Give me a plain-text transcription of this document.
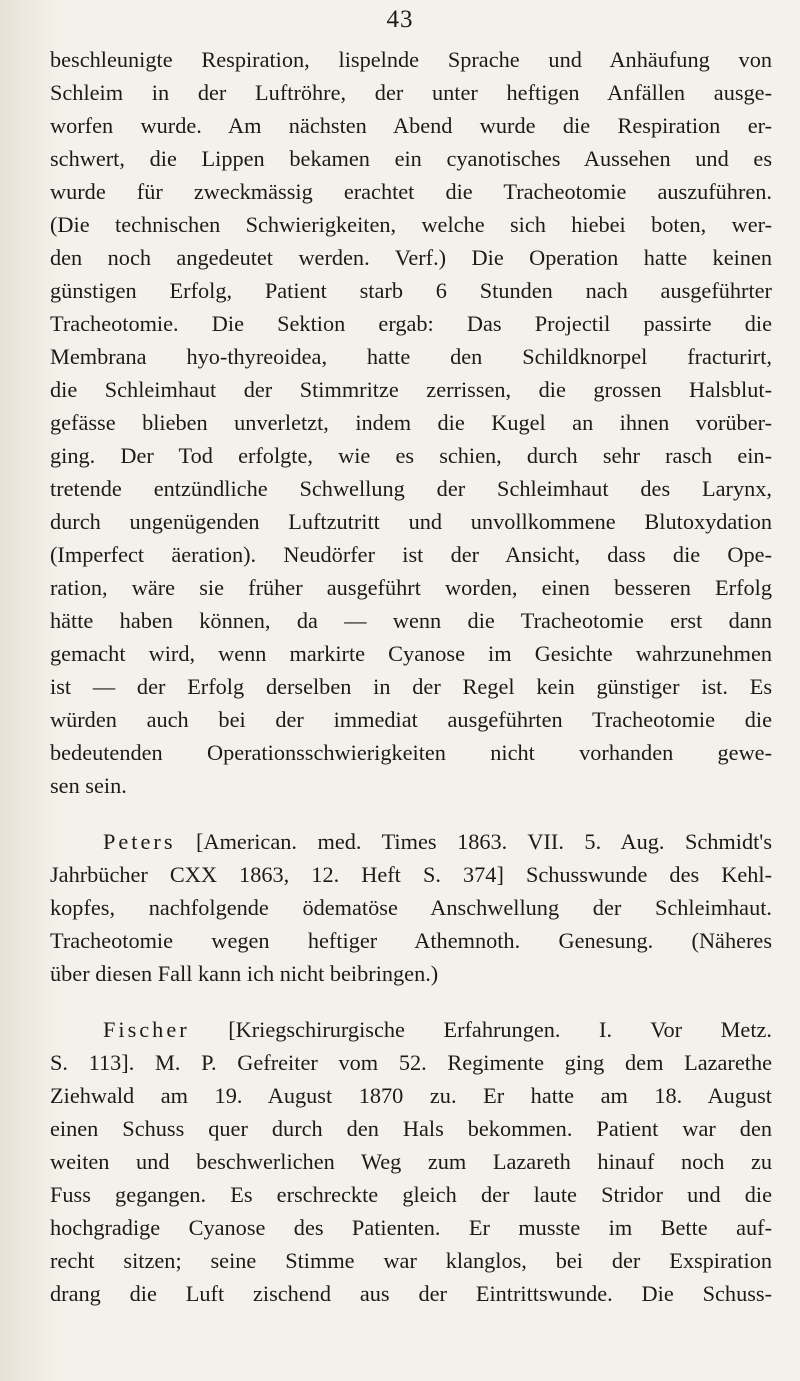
43
beschleunigte Respiration, lispelnde Sprache und Anhäufung von
Schleim in der Luftröhre, der unter heftigen Anfällen ausge-
worfen wurde. Am nächsten Abend wurde die Respiration er-
schwert, die Lippen bekamen ein cyanotisches Aussehen und es
wurde für zweckmässig erachtet die Tracheotomie auszuführen.
(Die technischen Schwierigkeiten, welche sich hiebei boten, wer-
den noch angedeutet werden. Verf.) Die Operation hatte keinen
günstigen Erfolg, Patient starb 6 Stunden nach ausgeführter
Tracheotomie. Die Sektion ergab: Das Projectil passirte die
Membrana hyo-thyreoidea, hatte den Schildknorpel fracturirt,
die Schleimhaut der Stimmritze zerrissen, die grossen Halsblut-
gefässe blieben unverletzt, indem die Kugel an ihnen vorüber-
ging. Der Tod erfolgte, wie es schien, durch sehr rasch ein-
tretende entzündliche Schwellung der Schleimhaut des Larynx,
durch ungenügenden Luftzutritt und unvollkommene Blutoxydation
(Imperfect äeration). Neudörfer ist der Ansicht, dass die Ope-
ration, wäre sie früher ausgeführt worden, einen besseren Erfolg
hätte haben können, da — wenn die Tracheotomie erst dann
gemacht wird, wenn markirte Cyanose im Gesichte wahrzunehmen
ist — der Erfolg derselben in der Regel kein günstiger ist. Es
würden auch bei der immediat ausgeführten Tracheotomie die
bedeutenden Operationsschwierigkeiten nicht vorhanden gewe-
sen sein.
Peters [American. med. Times 1863. VII. 5. Aug. Schmidt's
Jahrbücher CXX 1863, 12. Heft S. 374] Schusswunde des Kehl-
kopfes, nachfolgende ödematöse Anschwellung der Schleimhaut.
Tracheotomie wegen heftiger Athemnoth. Genesung. (Näheres
über diesen Fall kann ich nicht beibringen.)
Fischer [Kriegschirurgische Erfahrungen. I. Vor Metz.
S. 113]. M. P. Gefreiter vom 52. Regimente ging dem Lazarethe
Ziehwald am 19. August 1870 zu. Er hatte am 18. August
einen Schuss quer durch den Hals bekommen. Patient war den
weiten und beschwerlichen Weg zum Lazareth hinauf noch zu
Fuss gegangen. Es erschreckte gleich der laute Stridor und die
hochgradige Cyanose des Patienten. Er musste im Bette auf-
recht sitzen; seine Stimme war klanglos, bei der Exspiration
drang die Luft zischend aus der Eintrittswunde. Die Schuss-
